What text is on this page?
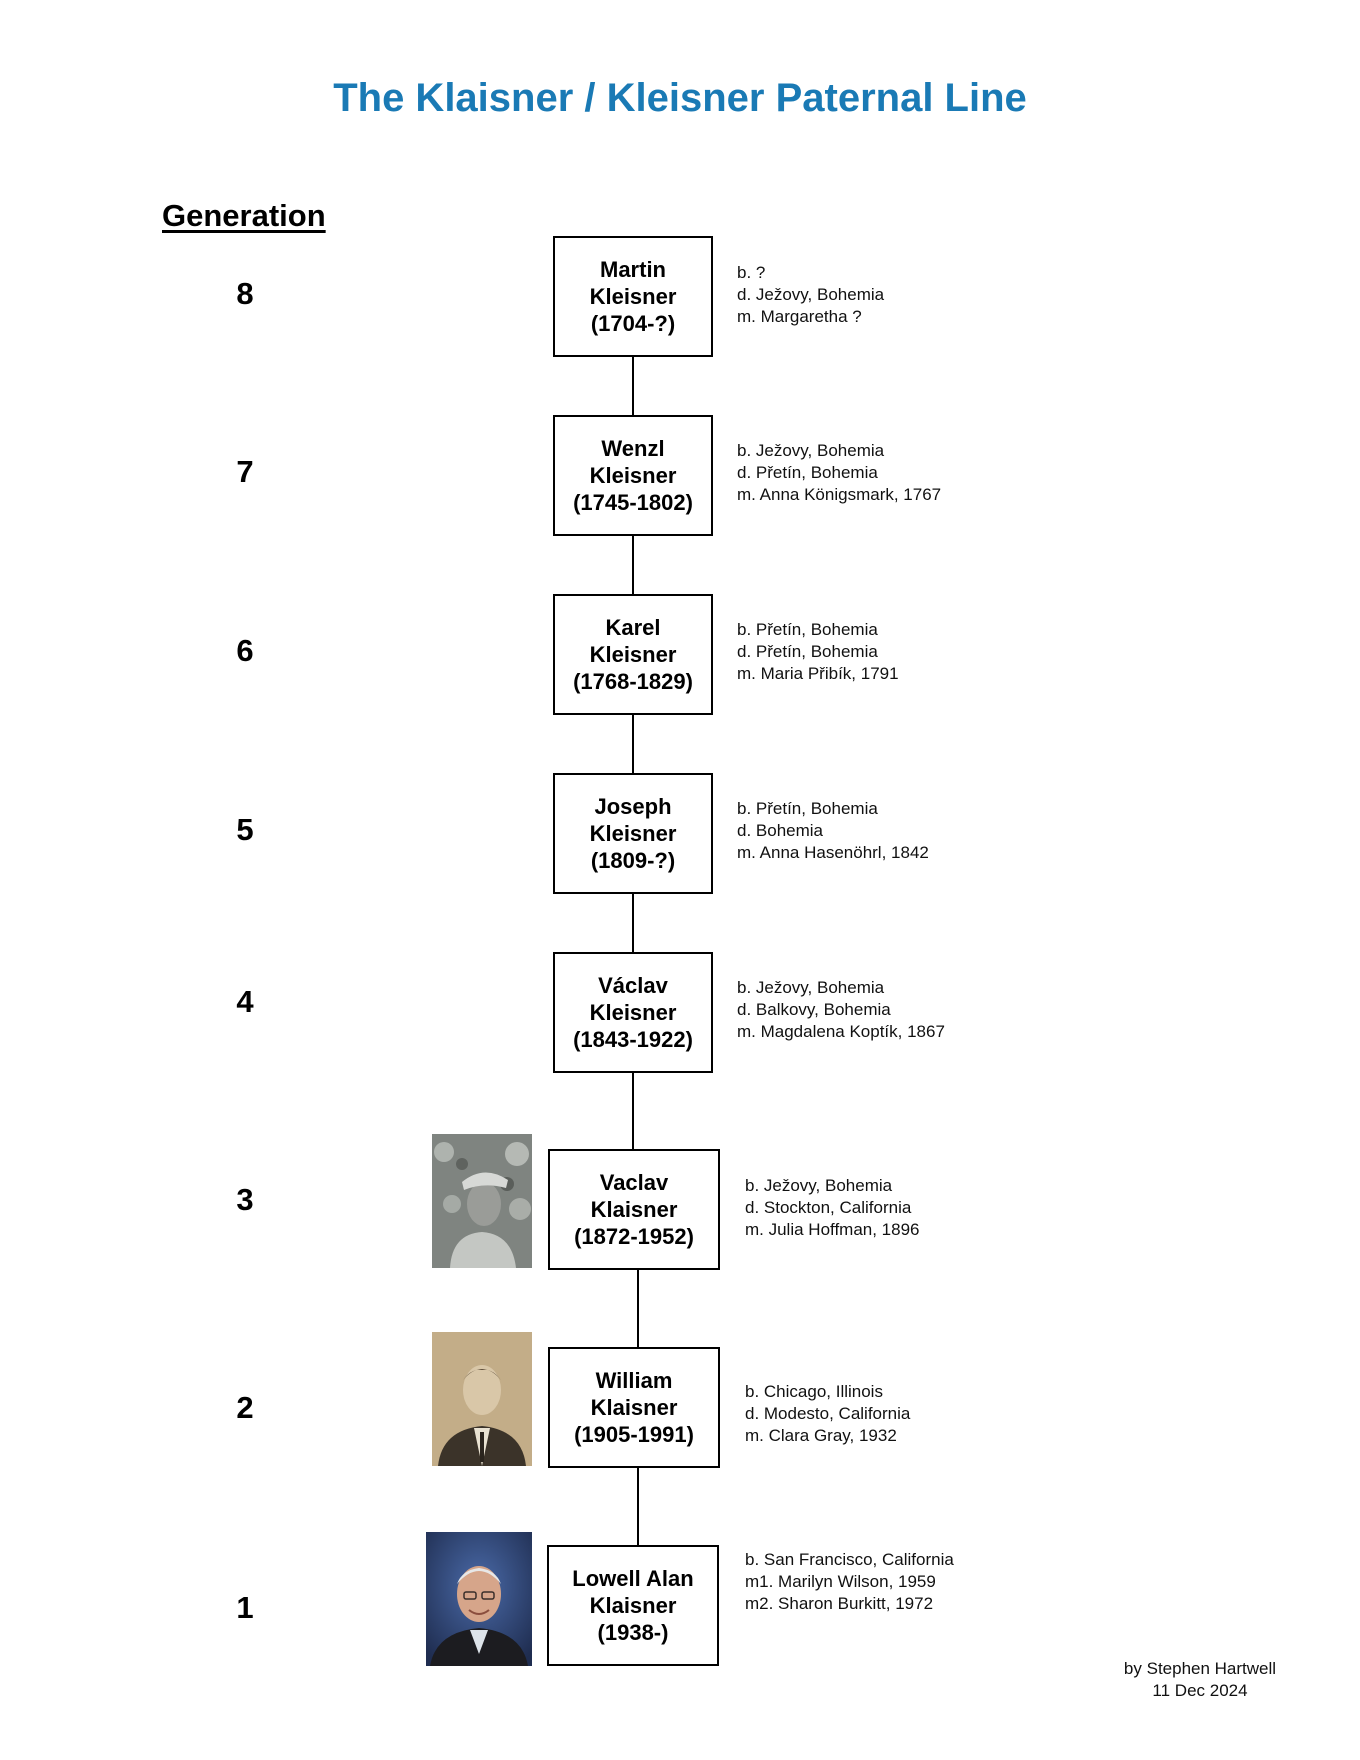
The Klaisner / Kleisner Paternal Line
Generation
8
Martin
Kleisner
(1704-?)
b. ?
d. Ježovy, Bohemia
m. Margaretha ?
7
Wenzl
Kleisner
(1745-1802)
b. Ježovy, Bohemia
d. Přetín, Bohemia
m. Anna Königsmark, 1767
6
Karel
Kleisner
(1768-1829)
b. Přetín, Bohemia
d. Přetín, Bohemia
m. Maria Přibík, 1791
5
Joseph
Kleisner
(1809-?)
b. Přetín, Bohemia
d. Bohemia
m. Anna Hasenöhrl, 1842
4	Václav
Kleisner
(1843-1922)
b. Ježovy, Bohemia
d. Balkovy, Bohemia
m. Magdalena Koptík, 1867
3	Vaclav
Klaisner
(1872-1952)
b. Ježovy, Bohemia
d. Stockton, California
m. Julia Hoffman, 1896
2
William
Klaisner
(1905-1991)
b. Chicago, Illinois
d. Modesto, California
m. Clara Gray, 1932
1
Lowell Alan
Klaisner
(1938-)
b. San Francisco, California
m1. Marilyn Wilson, 1959
m2. Sharon Burkitt, 1972
by Stephen Hartwell
11 Dec 2024
